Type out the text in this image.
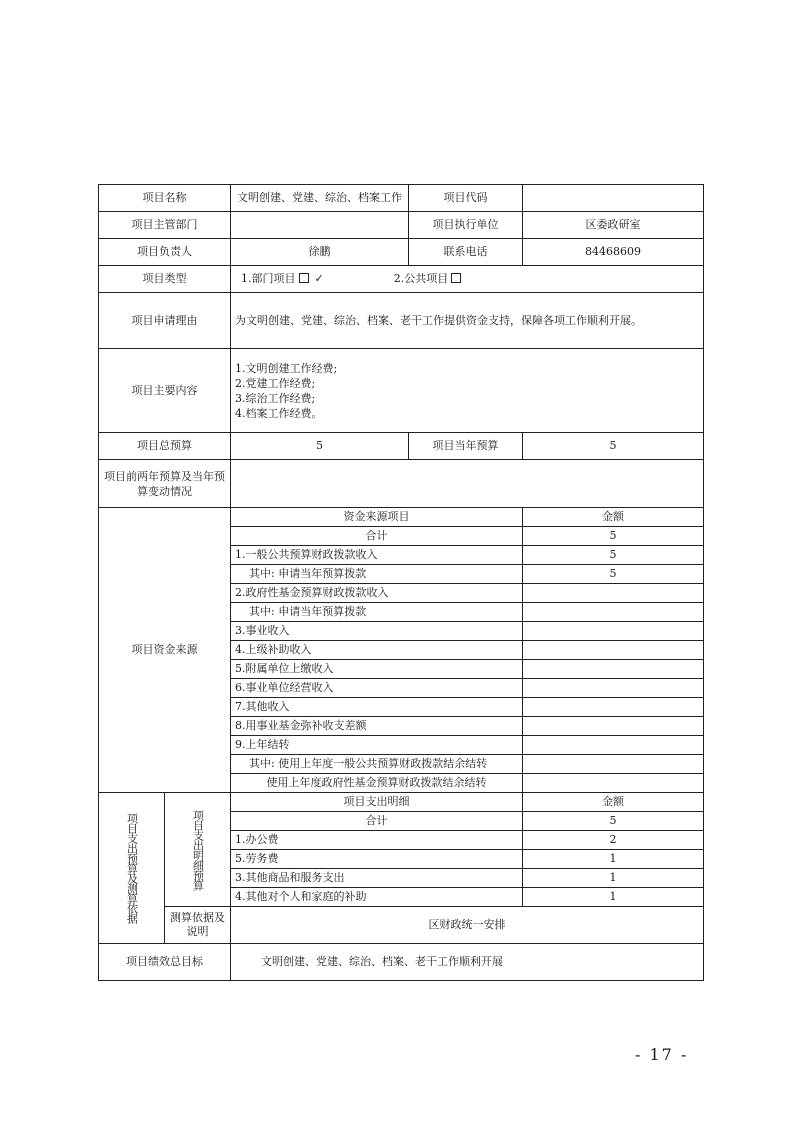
项目名称		文明创建、党建、综治、档案工作	项目代码	
项目主管部门			项目执行单位	区委政研室
项目负责人		徐鹏	联系电话	84468609
项目类型		1.部门项目 ✓ 2.公共项目		
项目申请理由		为文明创建、党建、综治、档案、老干工作提供资金支持，保障各项工作顺利开展。		
项目主要内容		1.文明创建工作经费;
2.党建工作经费;
3.综治工作经费;
4.档案工作经费。		

项目总预算		5	项目当年预算	5
项目前两年预算及当年预算变动情况				
项目资金来源		资金来源项目		金额
		合计		5
		1.一般公共预算财政拨款收入		5
		其中: 申请当年预算拨款		5
		2.政府性基金预算财政拨款收入		
		其中: 申请当年预算拨款		
		3.事业收入		
		4.上级补助收入		
		5.附属单位上缴收入		
		6.事业单位经营收入		
		7.其他收入		
		8.用事业基金弥补收支差额		
		9.上年结转		
		其中: 使用上年度一般公共预算财政拨款结余结转		
		使用上年度政府性基金预算财政拨款结余结转		

项目支出预算及测算依据	项目支出明细预算	项目支出明细		金额
		合计		5
		1.办公费		2
		5.劳务费		1
		3.其他商品和服务支出		1
		4.其他对个人和家庭的补助		1
	测算依据及说明	区财政统一安排		
项目绩效总目标		文明创建、党建、综治、档案、老干工作顺利开展		
- 17 -
